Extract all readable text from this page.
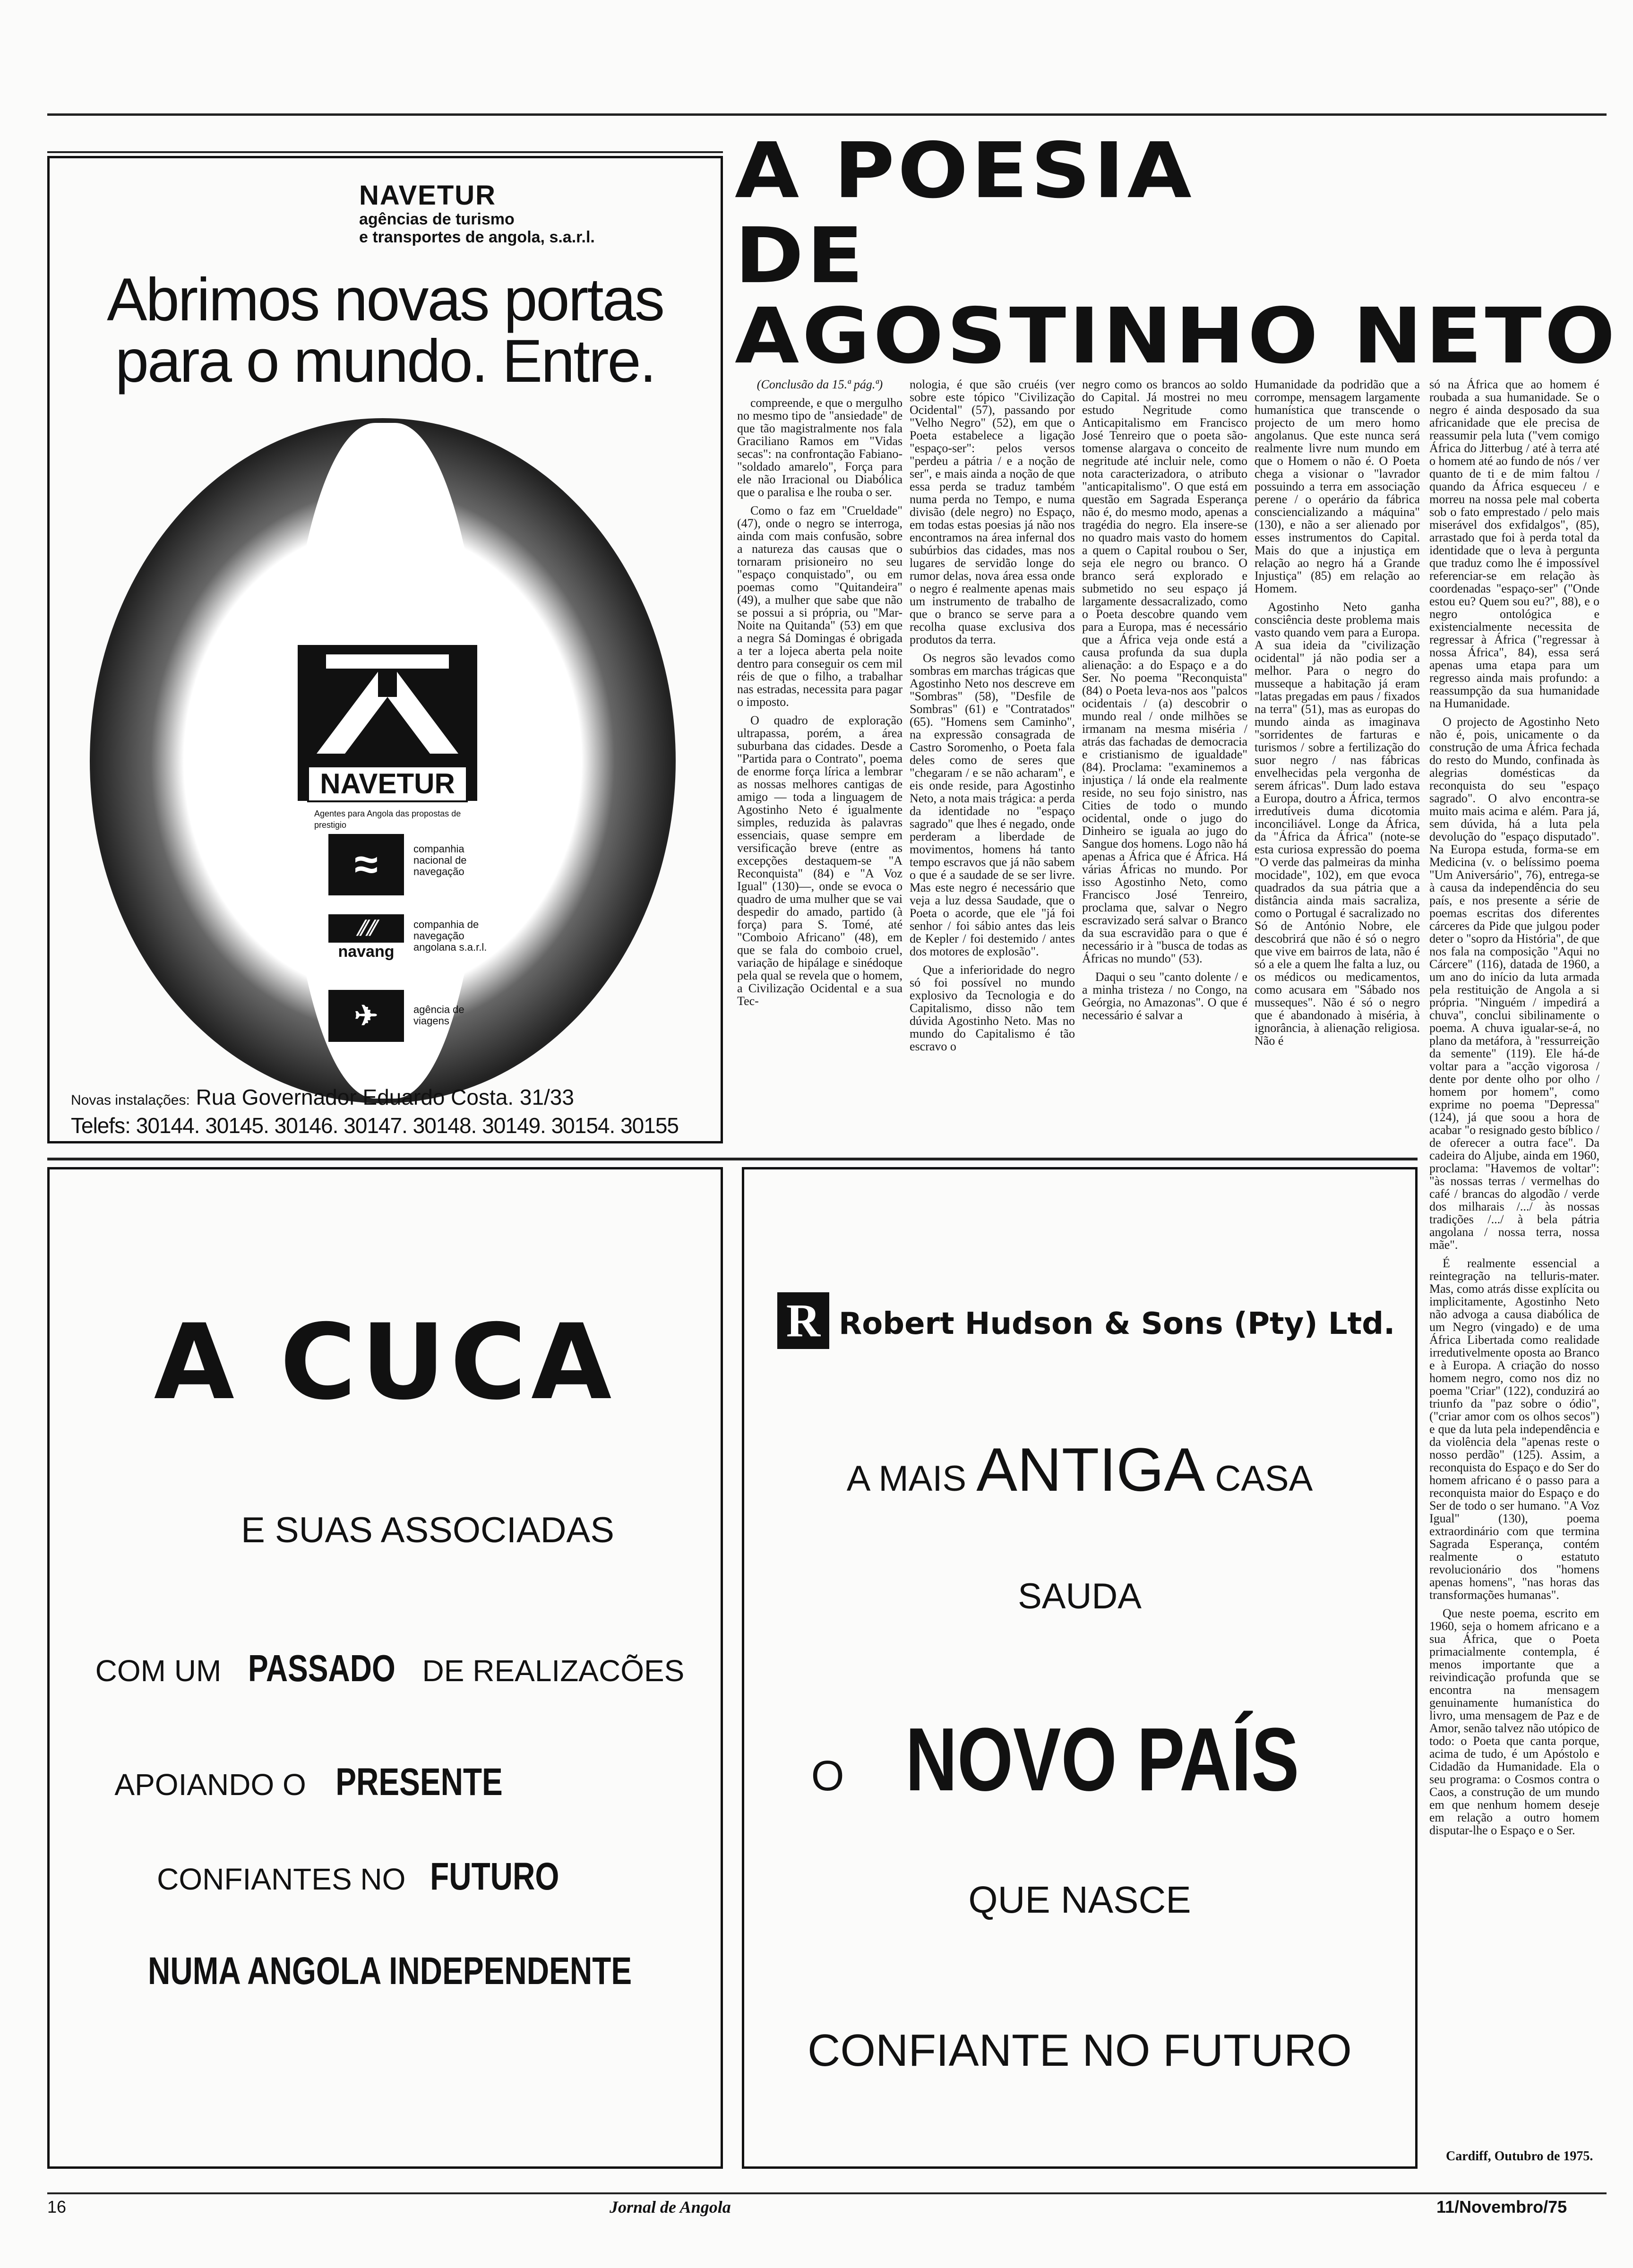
NAVETUR
agências de turismo
e transportes de angola, s.a.r.l.
Abrimos novas portas
para o mundo. Entre.
NAVETUR
Agentes para Angola das propostas de prestigio
≈	companhia nacional de navegação
⫽⫽
navang
companhia de navegação angolana s.a.r.l.
✈	agência de viagens
Novas instalações: Rua Governador Eduardo Costa. 31/33
Telefs: 30144. 30145. 30146. 30147. 30148. 30149. 30154. 30155
A POESIA
DE
AGOSTINHO NETO

(Conclusão da 15.ª pág.ª)

compreende, e que o mergulho no mesmo tipo de "ansiedade" de que tão magistralmente nos fala Graciliano Ramos em "Vidas secas": na confrontação Fabiano-"soldado amarelo", Força para ele não Irracional ou Diabólica que o paralisa e lhe rouba o ser.

Como o faz em "Crueldade" (47), onde o negro se interroga, ainda com mais confusão, sobre a natureza das causas que o tornaram prisioneiro no seu "espaço conquistado", ou em poemas como "Quitandeira" (49), a mulher que sabe que não se possui a si própria, ou "Mar-Noite na Quitanda" (53) em que a negra Sá Domingas é obrigada a ter a lojeca aberta pela noite dentro para conseguir os cem mil réis de que o filho, a trabalhar nas estradas, necessita para pagar o imposto.

O quadro de exploração ultrapassa, porém, a área suburbana das cidades. Desde a "Partida para o Contrato", poema de enorme força lírica a lembrar as nossas melhores cantigas de amigo — toda a linguagem de Agostinho Neto é igualmente simples, reduzida às palavras essenciais, quase sempre em versificação breve (entre as excepções destaquem-se "A Reconquista" (84) e "A Voz Igual" (130)—, onde se evoca o quadro de uma mulher que se vai despedir do amado, partido (à força) para S. Tomé, até "Comboio Africano" (48), em que se fala do comboio cruel, variação de hipálage e sinédoque pela qual se revela que o homem, a Civilização Ocidental e a sua Tec-

nologia, é que são cruéis (ver sobre este tópico "Civilização Ocidental" (57), passando por "Velho Negro" (52), em que o Poeta estabelece a ligação "espaço-ser": pelos versos "perdeu a pátria / e a noção de ser", e mais ainda a noção de que essa perda se traduz também numa perda no Tempo, e numa divisão (dele negro) no Espaço, em todas estas poesias já não nos encontramos na área infernal dos subúrbios das cidades, mas nos lugares de servidão longe do rumor delas, nova área essa onde o negro é realmente apenas mais um instrumento de trabalho de que o branco se serve para a recolha quase exclusiva dos produtos da terra.

Os negros são levados como sombras em marchas trágicas que Agostinho Neto nos descreve em "Sombras" (58), "Desfile de Sombras" (61) e "Contratados" (65). "Homens sem Caminho", na expressão consagrada de Castro Soromenho, o Poeta fala deles como de seres que "chegaram / e se não acharam", e eis onde reside, para Agostinho Neto, a nota mais trágica: a perda da identidade no "espaço sagrado" que lhes é negado, onde perderam a liberdade de movimentos, homens há tanto tempo escravos que já não sabem o que é a saudade de se ser livre. Mas este negro é necessário que veja a luz dessa Saudade, que o Poeta o acorde, que ele "já foi senhor / foi sábio antes das leis de Kepler / foi destemido / antes dos motores de explosão".

Que a inferioridade do negro só foi possível no mundo explosivo da Tecnologia e do Capitalismo, disso não tem dúvida Agostinho Neto. Mas no mundo do Capitalismo é tão escravo o

negro como os brancos ao soldo do Capital. Já mostrei no meu estudo Negritude como Anticapitalismo em Francisco José Tenreiro que o poeta são-tomense alargava o conceito de negritude até incluir nele, como nota caracterizadora, o atributo "anticapitalismo". O que está em questão em Sagrada Esperança não é, do mesmo modo, apenas a tragédia do negro. Ela insere-se no quadro mais vasto do homem a quem o Capital roubou o Ser, seja ele negro ou branco. O branco será explorado e submetido no seu espaço já largamente dessacralizado, como o Poeta descobre quando vem para a Europa, mas é necessário que a África veja onde está a causa profunda da sua dupla alienação: a do Espaço e a do Ser. No poema "Reconquista" (84) o Poeta leva-nos aos "palcos ocidentais / (a) descobrir o mundo real / onde milhões se irmanam na mesma miséria / atrás das fachadas de democracia e cristianismo de igualdade" (84). Proclama: "examinemos a injustiça / lá onde ela realmente reside, no seu fojo sinistro, nas Cities de todo o mundo ocidental, onde o jugo do Dinheiro se iguala ao jugo do Sangue dos homens. Logo não há apenas a África que é África. Há várias Áfricas no mundo. Por isso Agostinho Neto, como Francisco José Tenreiro, proclama que, salvar o Negro escravizado será salvar o Branco da sua escravidão para o que é necessário ir à "busca de todas as Áfricas no mundo" (53).

Daqui o seu "canto dolente / e a minha tristeza / no Congo, na Geórgia, no Amazonas". O que é necessário é salvar a

Humanidade da podridão que a corrompe, mensagem largamente humanística que transcende o projecto de um mero homo angolanus. Que este nunca será realmente livre num mundo em que o Homem o não é. O Poeta chega a visionar o "lavrador possuindo a terra em associação perene / o operário da fábrica consciencializando a máquina" (130), e não a ser alienado por esses instrumentos do Capital. Mais do que a injustiça em relação ao negro há a Grande Injustiça" (85) em relação ao Homem.

Agostinho Neto ganha consciência deste problema mais vasto quando vem para a Europa. A sua ideia da "civilização ocidental" já não podia ser a melhor. Para o negro do musseque a habitação já eram "latas pregadas em paus / fixados na terra" (51), mas as europas do mundo ainda as imaginava "sorridentes de farturas e turismos / sobre a fertilização do suor negro / nas fábricas envelhecidas pela vergonha de serem áfricas". Dum lado estava a Europa, doutro a África, termos irredutíveis duma dicotomia inconciliável. Longe da África, da "África da África" (note-se esta curiosa expressão do poema "O verde das palmeiras da minha mocidade", 102), em que evoca quadrados da sua pátria que a distância ainda mais sacraliza, como o Portugal é sacralizado no Só de António Nobre, ele descobrirá que não é só o negro que vive em bairros de lata, não é só a ele a quem lhe falta a luz, ou os médicos ou medicamentos, como acusara em "Sábado nos musseques". Não é só o negro que é abandonado à miséria, à ignorância, à alienação religiosa. Não é

só na África que ao homem é roubada a sua humanidade. Se o negro é ainda desposado da sua africanidade que ele precisa de reassumir pela luta ("vem comigo África do Jitterbug / até à terra até o homem até ao fundo de nós / ver quanto de ti e de mim faltou / quando da África esqueceu / e morreu na nossa pele mal coberta sob o fato emprestado / pelo mais miserável dos exfidalgos", (85), arrastado que foi à perda total da identidade que o leva à pergunta que traduz como lhe é impossível referenciar-se em relação às coordenadas "espaço-ser" ("Onde estou eu? Quem sou eu?", 88), e o negro ontológica e existencialmente necessita de regressar à África ("regressar à nossa África", 84), essa será apenas uma etapa para um regresso ainda mais profundo: a reassumpção da sua humanidade na Humanidade.

O projecto de Agostinho Neto não é, pois, unicamente o da construção de uma África fechada do resto do Mundo, confinada às alegrias domésticas da reconquista do seu "espaço sagrado". O alvo encontra-se muito mais acima e além. Para já, sem dúvida, há a luta pela devolução do "espaço disputado". Na Europa estuda, forma-se em Medicina (v. o belíssimo poema "Um Aniversário", 76), entrega-se à causa da independência do seu país, e nos presente a série de poemas escritas dos diferentes cárceres da Pide que julgou poder deter o "sopro da História", de que nos fala na composição "Aqui no Cárcere" (116), datada de 1960, a um ano do início da luta armada pela restituição de Angola a si própria. "Ninguém / impedirá a chuva", conclui sibilinamente o poema. A chuva igualar-se-á, no plano da metáfora, à "ressurreição da semente" (119). Ele há-de voltar para a "acção vigorosa / dente por dente olho por olho / homem por homem", como exprime no poema "Depressa" (124), já que soou a hora de acabar "o resignado gesto bíblico / de oferecer a outra face". Da cadeira do Aljube, ainda em 1960, proclama: "Havemos de voltar": "às nossas terras / vermelhas do café / brancas do algodão / verde dos milharais /.../ às nossas tradições /.../ à bela pátria angolana / nossa terra, nossa mãe".

É realmente essencial a reintegração na telluris-mater. Mas, como atrás disse explícita ou implicitamente, Agostinho Neto não advoga a causa diabólica de um Negro (vingado) e de uma África Libertada como realidade irredutivelmente oposta ao Branco e à Europa. A criação do nosso homem negro, como nos diz no poema "Criar" (122), conduzirá ao triunfo da "paz sobre o ódio", ("criar amor com os olhos secos") e que da luta pela independência e da violência dela "apenas reste o nosso perdão" (125). Assim, a reconquista do Espaço e do Ser do homem africano é o passo para a reconquista maior do Espaço e do Ser de todo o ser humano. "A Voz Igual" (130), poema extraordinário com que termina Sagrada Esperança, contém realmente o estatuto revolucionário dos "homens apenas homens", "nas horas das transformações humanas".

Que neste poema, escrito em 1960, seja o homem africano e a sua África, que o Poeta primacialmente contempla, é menos importante que a reivindicação profunda que se encontra na mensagem genuinamente humanística do livro, uma mensagem de Paz e de Amor, senão talvez não utópico de todo: o Poeta que canta porque, acima de tudo, é um Apóstolo e Cidadão da Humanidade. Ela o seu programa: o Cosmos contra o Caos, a construção de um mundo em que nenhum homem deseje em relação a outro homem disputar-lhe o Espaço e o Ser.

Cardiff, Outubro de 1975.
A CUCA
E SUAS ASSOCIADAS
COM UM PASSADO DE REALIZACÕES
APOIANDO O PRESENTE
CONFIANTES NO FUTURO
NUMA ANGOLA INDEPENDENTE
R Robert Hudson & Sons (Pty) Ltd.
A MAIS ANTIGA CASA
SAUDA
O NOVO PAÍS
QUE NASCE
CONFIANTE NO FUTURO
16	Jornal de Angola	11/Novembro/75
